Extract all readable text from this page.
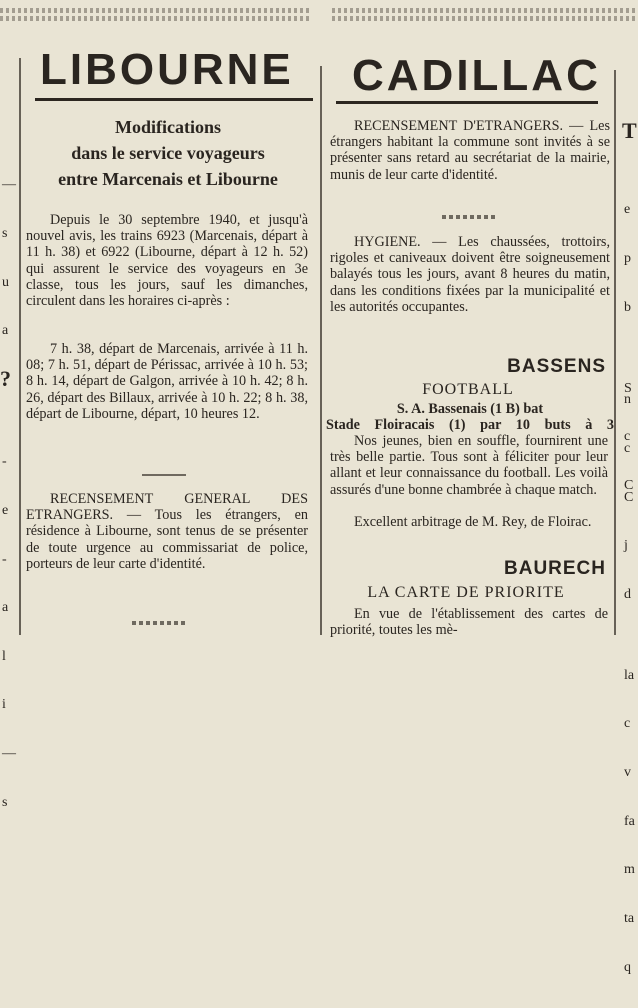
—

s

u

a

?

-

e

-

a

l

i

—

s

LIBOURNE
Modifications
dans le service voyageurs
entre Marcenais et Libourne

Depuis le 30 septembre 1940, et jusqu'à nouvel avis, les trains 6923 (Marcenais, départ à 11 h. 38) et 6922 (Libourne, départ à 12 h. 52) qui assurent le service des voyageurs en 3e classe, tous les jours, sauf les dimanches, circulent dans les horaires ci-après :

7 h. 38, départ de Marcenais, arrivée à 11 h. 08; 7 h. 51, départ de Périssac, arrivée à 10 h. 53; 8 h. 14, départ de Galgon, arrivée à 10 h. 42; 8 h. 26, départ des Billaux, arrivée à 10 h. 22; 8 h. 38, départ de Libourne, départ, 10 heures 12.

RECENSEMENT GENERAL DES ETRANGERS. — Tous les étrangers, en résidence à Libourne, sont tenus de se présenter de toute urgence au commissariat de police, porteurs de leur carte d'identité.

CADILLAC

RECENSEMENT D'ETRANGERS. — Les étrangers habitant la commune sont invités à se présenter sans retard au secrétariat de la mairie, munis de leur carte d'identité.

HYGIENE. — Les chaussées, trottoirs, rigoles et caniveaux doivent être soigneusement balayés tous les jours, avant 8 heures du matin, dans les conditions fixées par la municipalité et les autorités occupantes.

BASSENS
FOOTBALL
S. A. Bassenais (1 B) bat
Stade Floiracais (1) par 10 buts à 3

Nos jeunes, bien en souffle, fournirent une très belle partie. Tous sont à féliciter pour leur allant et leur connaissance du football. Les voilà assurés d'une bonne chambrée à chaque match.

Excellent arbitrage de M. Rey, de Floirac.

BAURECH
LA CARTE DE PRIORITE

En vue de l'établissement des cartes de priorité, toutes les mè-

T

e

p

b

S

c

C

n

c

C

j

d

la

c

v

fa

m

ta

q
